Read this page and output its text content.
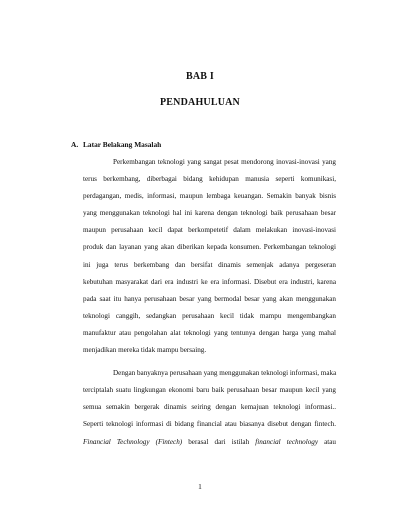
BAB I
PENDAHULUAN
A. Latar Belakang Masalah

Perkembangan teknologi yang sangat pesat mendorong inovasi-inovasi yang
terus berkembang, diberbagai bidang kehidupan manusia seperti komunikasi,
perdagangan, medis, informasi, maupun lembaga keuangan. Semakin banyak bisnis
yang menggunakan teknologi hal ini karena dengan teknologi baik perusahaan besar
maupun perusahaan kecil dapat berkompetetif dalam melakukan inovasi-inovasi
produk dan layanan yang akan diberikan kepada konsumen. Perkembangan teknologi
ini juga terus berkembang dan bersifat dinamis semenjak adanya pergeseran
kebutuhan masyarakat dari era industri ke era informasi. Disebut era industri, karena
pada saat itu hanya perusahaan besar yang bermodal besar yang akan menggunakan
teknologi canggih, sedangkan perusahaan kecil tidak mampu mengembangkan
manufaktur atau pengolahan alat teknologi yang tentunya dengan harga yang mahal
menjadikan mereka tidak mampu bersaing.

Dengan banyaknya perusahaan yang menggunakan teknologi informasi, maka
terciptalah suatu lingkungan ekonomi baru baik perusahaan besar maupun kecil yang
semua semakin bergerak dinamis seiring dengan kemajuan teknologi informasi..
Seperti teknologi informasi di bidang financial atau biasanya disebut dengan fintech.
Financial Technology (Fintech) berasal dari istilah financial technology atau

1
